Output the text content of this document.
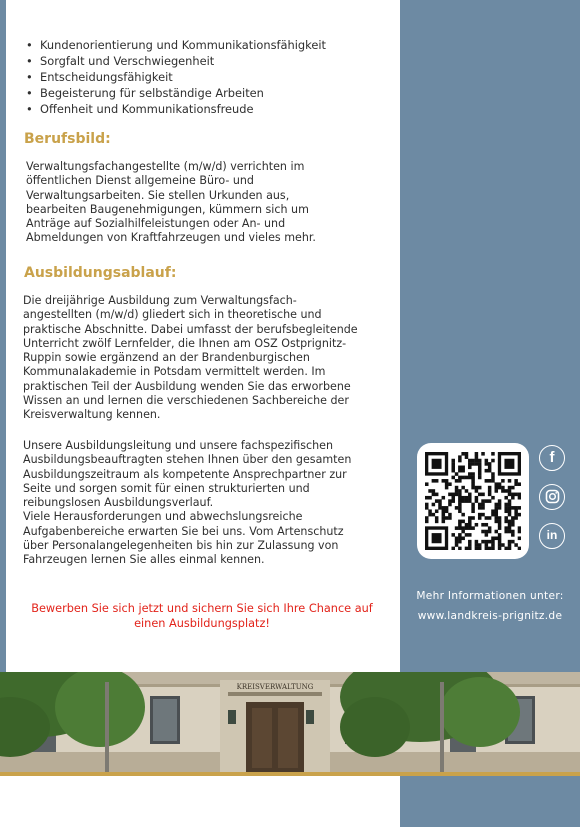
• Kundenorientierung und Kommunikationsfähigkeit
• Sorgfalt und Verschwiegenheit
• Entscheidungsfähigkeit
• Begeisterung für selbständige Arbeiten
• Offenheit und Kommunikationsfreude
Berufsbild:
Verwaltungsfachangestellte (m/w/d) verrichten im
öffentlichen Dienst allgemeine Büro- und
Verwaltungsarbeiten. Sie stellen Urkunden aus,
bearbeiten Baugenehmigungen, kümmern sich um
Anträge auf Sozialhilfeleistungen oder An- und
Abmeldungen von Kraftfahrzeugen und vieles mehr.
Ausbildungsablauf:
Die dreijährige Ausbildung zum Verwaltungsfach-
angestellten (m/w/d) gliedert sich in theoretische und
praktische Abschnitte. Dabei umfasst der berufsbegleitende
Unterricht zwölf Lernfelder, die Ihnen am OSZ Ostprignitz-
Ruppin sowie ergänzend an der Brandenburgischen
Kommunalakademie in Potsdam vermittelt werden. Im
praktischen Teil der Ausbildung wenden Sie das erworbene
Wissen an und lernen die verschiedenen Sachbereiche der
Kreisverwaltung kennen.
Unsere Ausbildungsleitung und unsere fachspezifischen
Ausbildungsbeauftragten stehen Ihnen über den gesamten
Ausbildungszeitraum als kompetente Ansprechpartner zur
Seite und sorgen somit für einen strukturierten und
reibungslosen Ausbildungsverlauf.
Viele Herausforderungen und abwechslungsreiche
Aufgabenbereiche erwarten Sie bei uns. Vom Artenschutz
über Personalangelegenheiten bis hin zur Zulassung von
Fahrzeugen lernen Sie alles einmal kennen.
Bewerben Sie sich jetzt und sichern Sie sich Ihre Chance auf
einen Ausbildungsplatz!
f
in
Mehr Informationen unter:
www.landkreis-prignitz.de
KREISVERWALTUNG
